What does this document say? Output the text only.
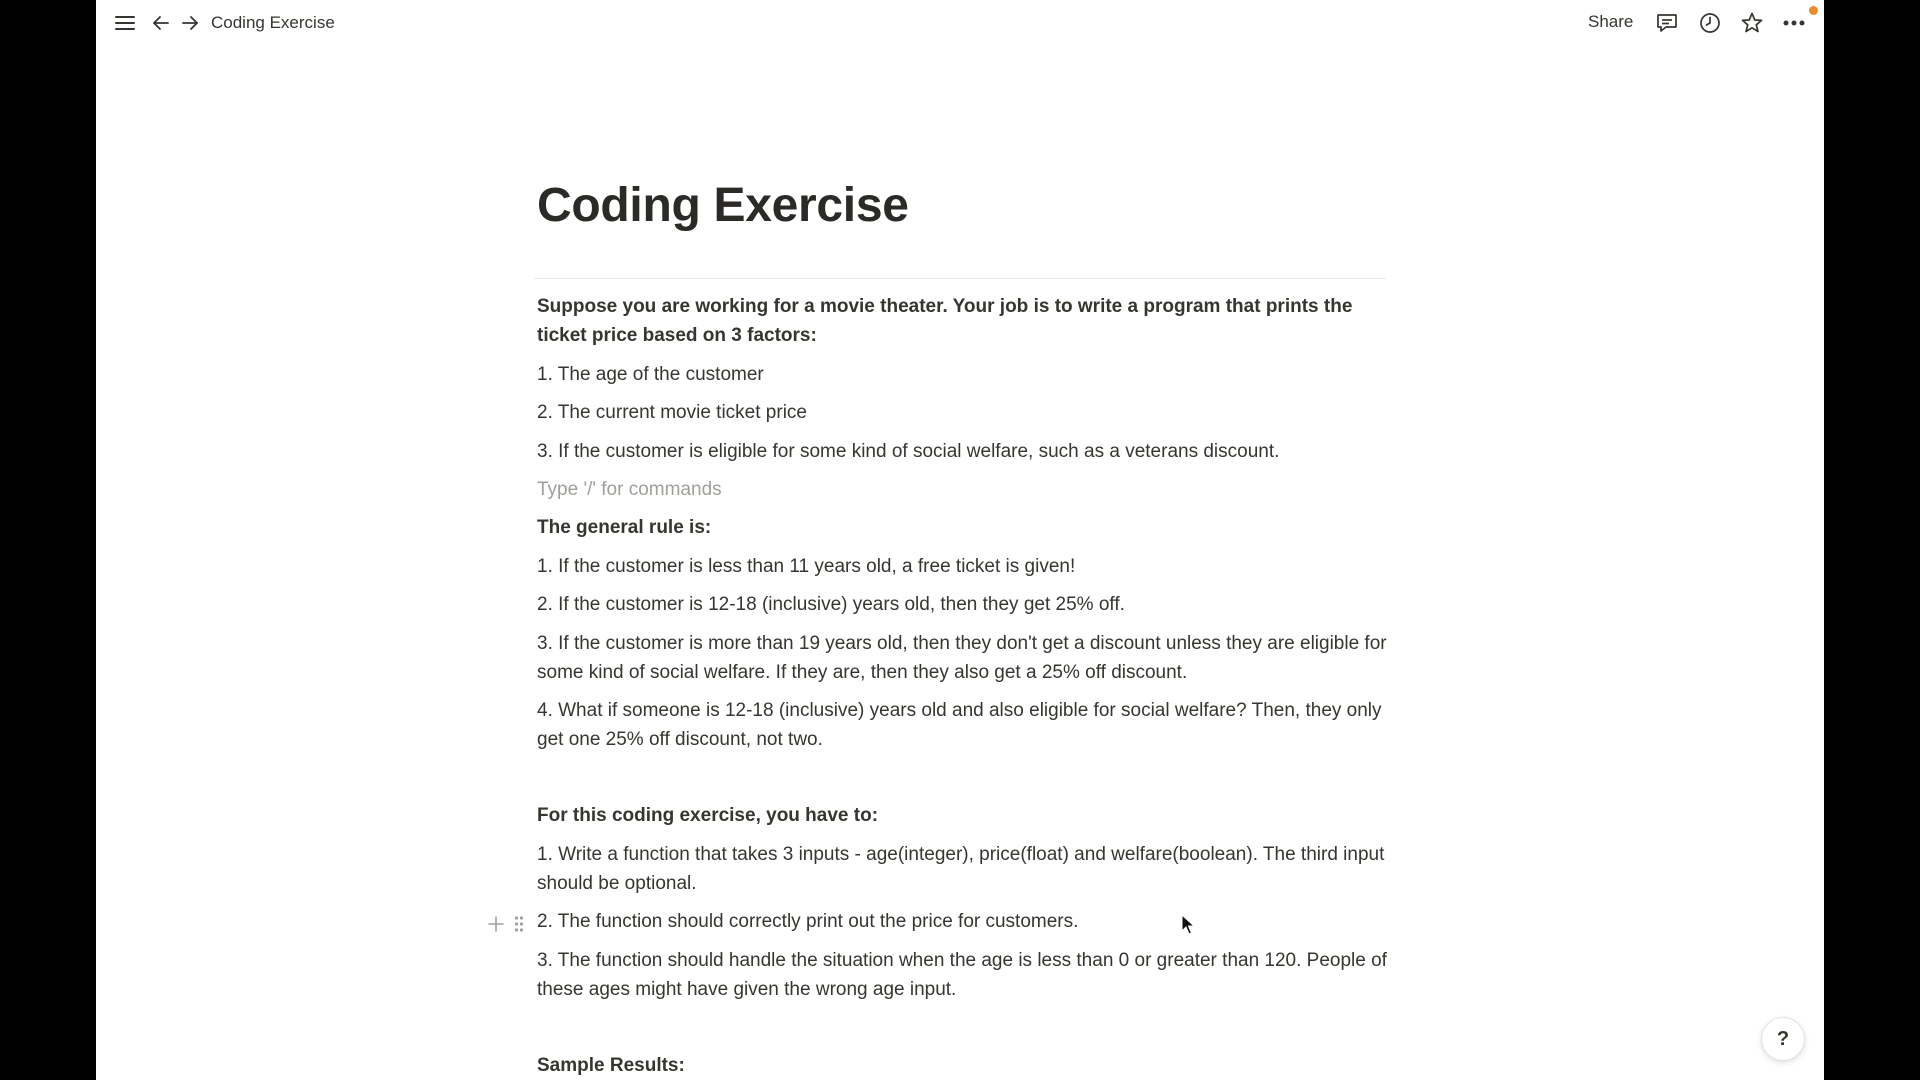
Coding Exercise	Share
Coding Exercise
Suppose you are working for a movie theater. Your job is to write a program that prints the ticket price based on 3 factors:
1. The age of the customer
2. The current movie ticket price
3. If the customer is eligible for some kind of social welfare, such as a veterans discount.
Type '/' for commands
The general rule is:
1. If the customer is less than 11 years old, a free ticket is given!
2. If the customer is 12-18 (inclusive) years old, then they get 25% off.
3. If the customer is more than 19 years old, then they don't get a discount unless they are eligible for some kind of social welfare. If they are, then they also get a 25% off discount.
4. What if someone is 12-18 (inclusive) years old and also eligible for social welfare? Then, they only get one 25% off discount, not two.
For this coding exercise, you have to:
1. Write a function that takes 3 inputs - age(integer), price(float) and welfare(boolean). The third input should be optional.
2. The function should correctly print out the price for customers.
3. The function should handle the situation when the age is less than 0 or greater than 120. People of these ages might have given the wrong age input.
Sample Results:
?
